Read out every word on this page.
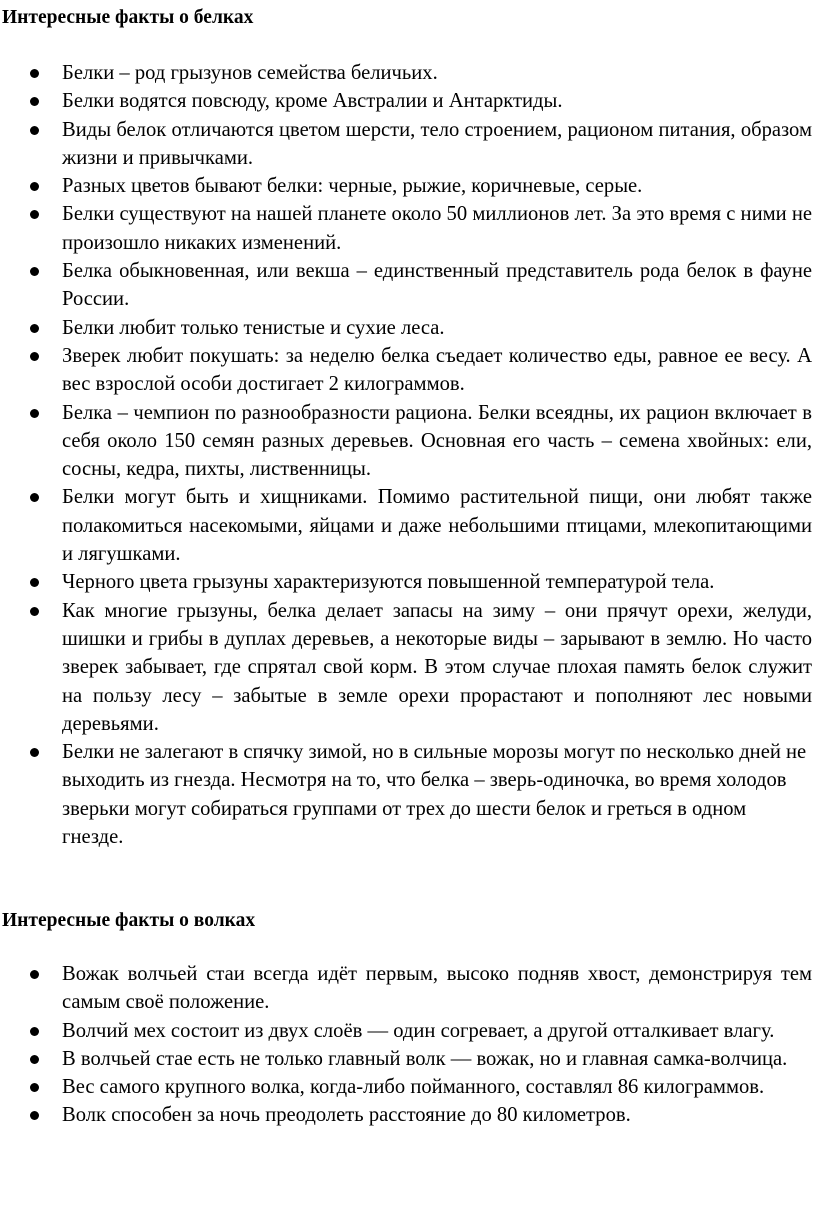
Интересные факты о белках
Белки – род грызунов семейства беличьих.
Белки водятся повсюду, кроме Австралии и Антарктиды.
Виды белок отличаются цветом шерсти, тело строением, рационом питания, образом жизни и привычками.
Разных цветов бывают белки: черные, рыжие, коричневые, серые.
Белки существуют на нашей планете около 50 миллионов лет. За это время с ними не произошло никаких изменений.
Белка обыкновенная, или векша – единственный представитель рода белок в фауне России.
Белки любит только тенистые и сухие леса.
Зверек любит покушать: за неделю белка съедает количество еды, равное ее весу. А вес взрослой особи достигает 2 килограммов.
Белка – чемпион по разнообразности рациона. Белки всеядны, их рацион включает в себя около 150 семян разных деревьев. Основная его часть – семена хвойных: ели, сосны, кедра, пихты, лиственницы.
Белки могут быть и хищниками. Помимо растительной пищи, они любят также полакомиться насекомыми, яйцами и даже небольшими птицами, млекопитающими и лягушками.
Черного цвета грызуны характеризуются повышенной температурой тела.
Как многие грызуны, белка делает запасы на зиму – они прячут орехи, желуди, шишки и грибы в дуплах деревьев, а некоторые виды – зарывают в землю. Но часто зверек забывает, где спрятал свой корм. В этом случае плохая память белок служит на пользу лесу – забытые в земле орехи прорастают и пополняют лес новыми деревьями.
Белки не залегают в спячку зимой, но в сильные морозы могут по несколько дней не выходить из гнезда. Несмотря на то, что белка – зверь-одиночка, во время холодов зверьки могут собираться группами от трех до шести белок и греться в одном гнезде.
Интересные факты о волках
Вожак волчьей стаи всегда идёт первым, высоко подняв хвост, демонстрируя тем самым своё положение.
Волчий мех состоит из двух слоёв — один согревает, а другой отталкивает влагу.
В волчьей стае есть не только главный волк — вожак, но и главная самка-волчица.
Вес самого крупного волка, когда-либо пойманного, составлял 86 килограммов.
Волк способен за ночь преодолеть расстояние до 80 километров.
